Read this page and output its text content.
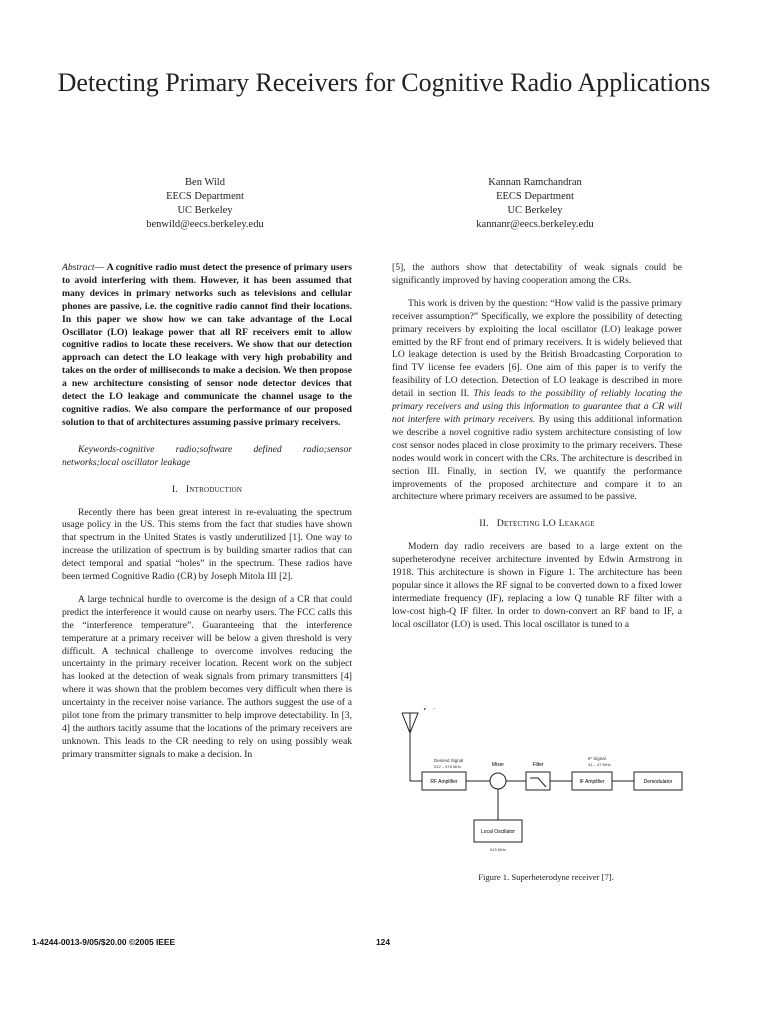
Detecting Primary Receivers for Cognitive Radio Applications
Ben Wild
EECS Department
UC Berkeley
benwild@eecs.berkeley.edu
Kannan Ramchandran
EECS Department
UC Berkeley
kannanr@eecs.berkeley.edu

Abstract— A cognitive radio must detect the presence of primary users to avoid interfering with them. However, it has been assumed that many devices in primary networks such as televisions and cellular phones are passive, i.e. the cognitive radio cannot find their locations. In this paper we show how we can take advantage of the Local Oscillator (LO) leakage power that all RF receivers emit to allow cognitive radios to locate these receivers. We show that our detection approach can detect the LO leakage with very high probability and takes on the order of milliseconds to make a decision. We then propose a new architecture consisting of sensor node detector devices that detect the LO leakage and communicate the channel usage to the cognitive radios. We also compare the performance of our proposed solution to that of architectures assuming passive primary receivers.

Keywords-cognitive radio;software defined radio;sensor networks;local oscillator leakage

I. Introduction

Recently there has been great interest in re-evaluating the spectrum usage policy in the US. This stems from the fact that studies have shown that spectrum in the United States is vastly underutilized [1]. One way to increase the utilization of spectrum is by building smarter radios that can detect temporal and spatial “holes” in the spectrum. These radios have been termed Cognitive Radio (CR) by Joseph Mitola III [2].

A large technical hurdle to overcome is the design of a CR that could predict the interference it would cause on nearby users. The FCC calls this the “interference temperature”. Guaranteeing that the interference temperature at a primary receiver will be below a given threshold is very difficult. A technical challenge to overcome involves reducing the uncertainty in the primary receiver location. Recent work on the subject has looked at the detection of weak signals from primary transmitters [4] where it was shown that the problem becomes very difficult when there is uncertainty in the receiver noise variance. The authors suggest the use of a pilot tone from the primary transmitter to help improve detectability. In [3, 4] the authors tacitly assume that the locations of the primary receivers are unknown. This leads to the CR needing to rely on using possibly weak primary transmitter signals to make a decision. In

[5], the authors show that detectability of weak signals could be significantly improved by having cooperation among the CRs.

This work is driven by the question: “How valid is the passive primary receiver assumption?” Specifically, we explore the possibility of detecting primary receivers by exploiting the local oscillator (LO) leakage power emitted by the RF front end of primary receivers. It is widely believed that LO leakage detection is used by the British Broadcasting Corporation to find TV license fee evaders [6]. One aim of this paper is to verify the feasibility of LO detection. Detection of LO leakage is described in more detail in section II. This leads to the possibility of reliably locating the primary receivers and using this information to guarantee that a CR will not interfere with primary receivers. By using this additional information we describe a novel cognitive radio system architecture consisting of low cost sensor nodes placed in close proximity to the primary receivers. These nodes would work in concert with the CRs. The architecture is described in section III. Finally, in section IV, we quantify the performance improvements of the proposed architecture and compare it to an architecture where primary receivers are assumed to be passive.

II. Detecting LO Leakage

Modern day radio receivers are based to a large extent on the superheterodyne receiver architecture invented by Edwin Armstrong in 1918. This architecture is shown in Figure 1. The architecture has been popular since it allows the RF signal to be converted down to a fixed lower intermediate frequency (IF), replacing a low Q tunable RF filter with a low-cost high-Q IF filter. In order to down-convert an RF band to IF, a local oscillator (LO) is used. This local oscillator is tuned to a

Desired Signal
512 – 578 MHz
RF Amplifier
Mixer	Filter
IF Signal
41 – 47 MHz
IF Amplifier	Demodulator
Local Oscillator
613 MHz
Figure 1. Superheterodyne receiver [7].
1-4244-0013-9/05/$20.00 ©2005 IEEE	124
